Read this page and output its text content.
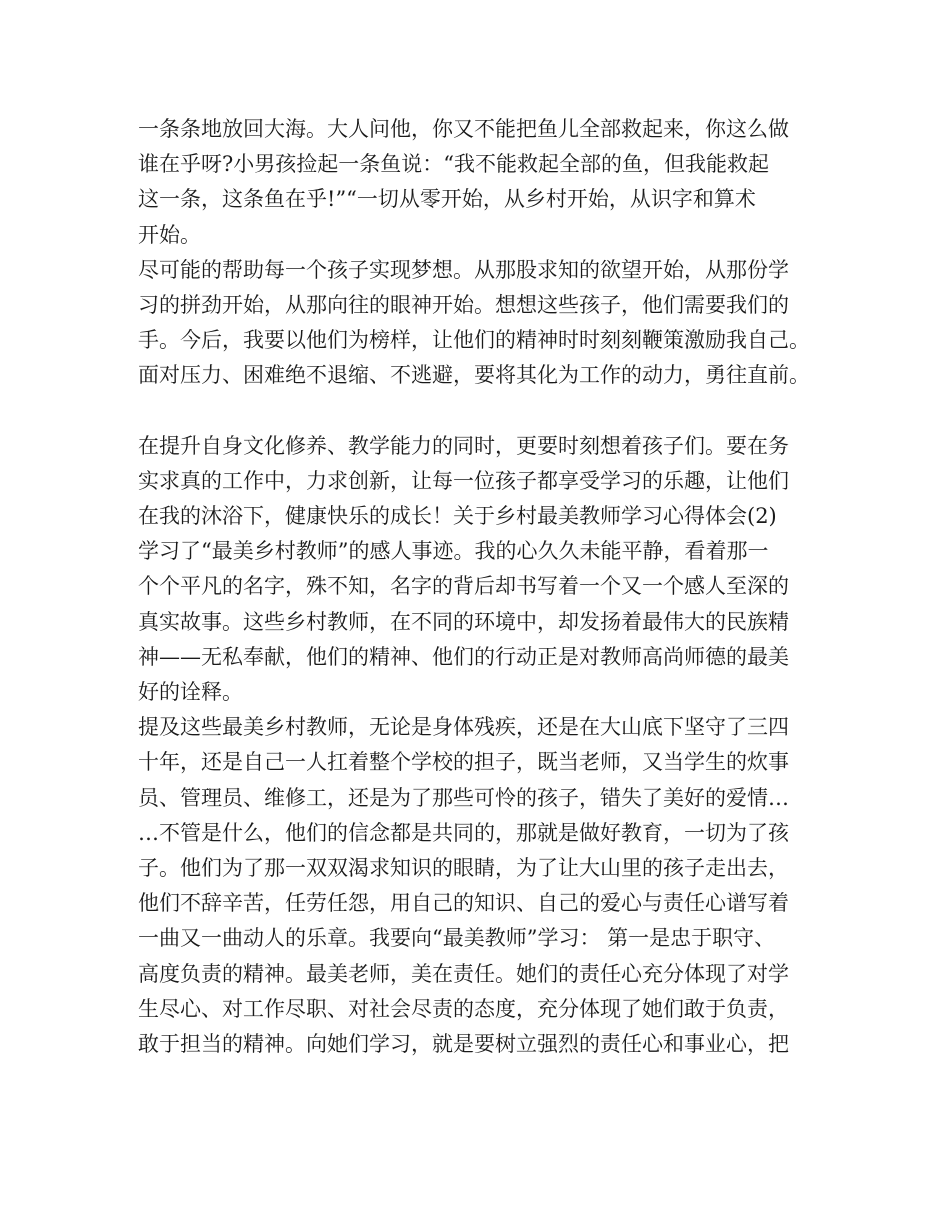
一条条地放回大海。大人问他，你又不能把鱼儿全部救起来，你这么做
谁在乎呀?小男孩捡起一条鱼说：“我不能救起全部的鱼，但我能救起
这一条，这条鱼在乎!”“一切从零开始，从乡村开始，从识字和算术
开始。
尽可能的帮助每一个孩子实现梦想。从那股求知的欲望开始，从那份学
习的拼劲开始，从那向往的眼神开始。想想这些孩子，他们需要我们的
手。今后，我要以他们为榜样，让他们的精神时时刻刻鞭策激励我自己。
面对压力、困难绝不退缩、不逃避，要将其化为工作的动力，勇往直前。
在提升自身文化修养、教学能力的同时，更要时刻想着孩子们。要在务
实求真的工作中，力求创新，让每一位孩子都享受学习的乐趣，让他们
在我的沐浴下，健康快乐的成长！关于乡村最美教师学习心得体会(2)
学习了“最美乡村教师”的感人事迹。我的心久久未能平静，看着那一
个个平凡的名字，殊不知，名字的背后却书写着一个又一个感人至深的
真实故事。这些乡村教师，在不同的环境中，却发扬着最伟大的民族精
神——无私奉献，他们的精神、他们的行动正是对教师高尚师德的最美
好的诠释。
提及这些最美乡村教师，无论是身体残疾，还是在大山底下坚守了三四
十年，还是自己一人扛着整个学校的担子，既当老师，又当学生的炊事
员、管理员、维修工，还是为了那些可怜的孩子，错失了美好的爱情…
…不管是什么，他们的信念都是共同的，那就是做好教育，一切为了孩
子。他们为了那一双双渴求知识的眼睛，为了让大山里的孩子走出去，
他们不辞辛苦，任劳任怨，用自己的知识、自己的爱心与责任心谱写着
一曲又一曲动人的乐章。我要向“最美教师”学习： 第一是忠于职守、
高度负责的精神。最美老师，美在责任。她们的责任心充分体现了对学
生尽心、对工作尽职、对社会尽责的态度，充分体现了她们敢于负责，
敢于担当的精神。向她们学习，就是要树立强烈的责任心和事业心，把
